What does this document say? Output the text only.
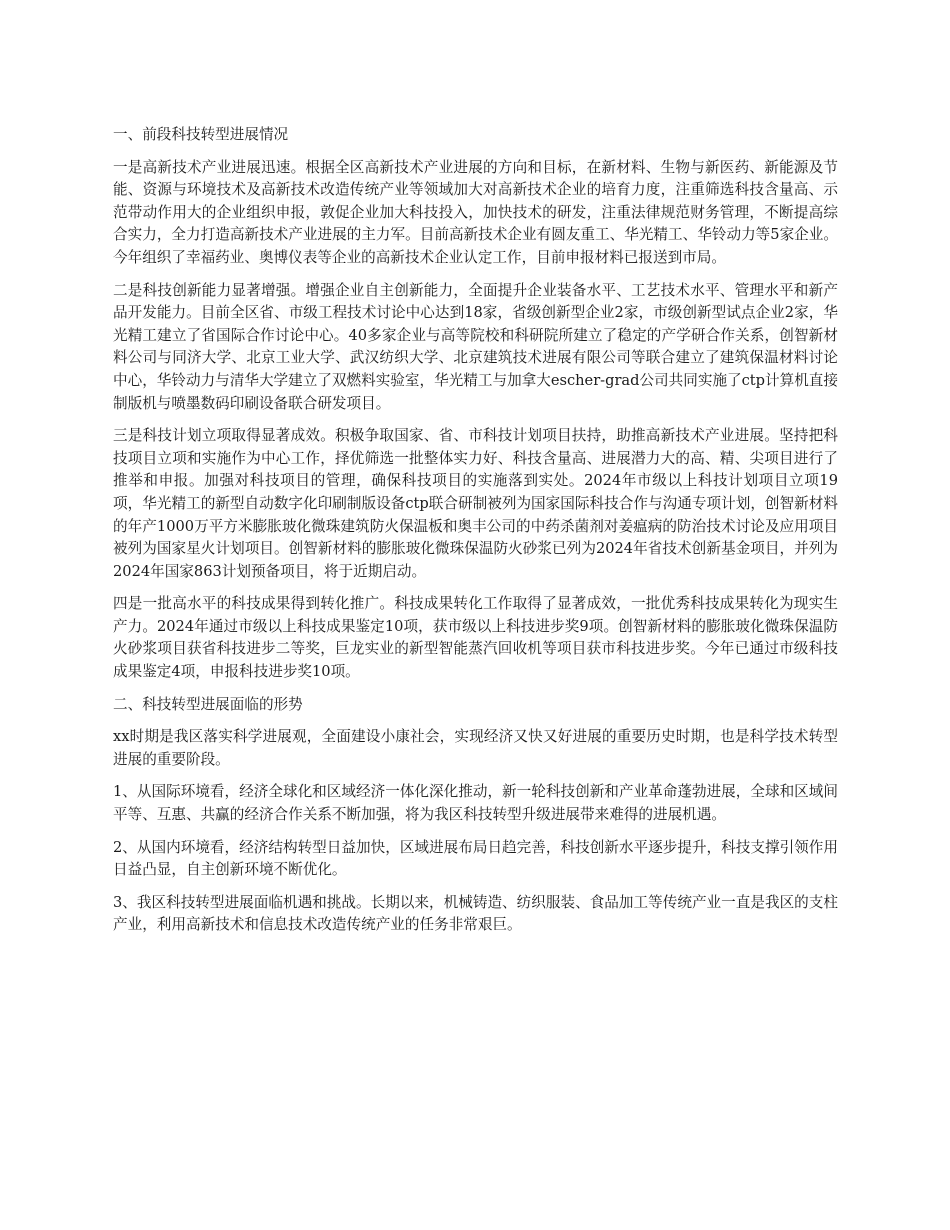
一、前段科技转型进展情况

一是高新技术产业进展迅速。根据全区高新技术产业进展的方向和目标，在新材料、生物与新医药、新能源及节能、资源与环境技术及高新技术改造传统产业等领域加大对高新技术企业的培育力度，注重筛选科技含量高、示范带动作用大的企业组织申报，敦促企业加大科技投入，加快技术的研发，注重法律规范财务管理，不断提高综合实力，全力打造高新技术产业进展的主力军。目前高新技术企业有圆友重工、华光精工、华铃动力等5家企业。今年组织了幸福药业、奥博仪表等企业的高新技术企业认定工作，目前申报材料已报送到市局。

二是科技创新能力显著增强。增强企业自主创新能力，全面提升企业装备水平、工艺技术水平、管理水平和新产品开发能力。目前全区省、市级工程技术讨论中心达到18家，省级创新型企业2家，市级创新型试点企业2家，华光精工建立了省国际合作讨论中心。40多家企业与高等院校和科研院所建立了稳定的产学研合作关系，创智新材料公司与同济大学、北京工业大学、武汉纺织大学、北京建筑技术进展有限公司等联合建立了建筑保温材料讨论中心，华铃动力与清华大学建立了双燃料实验室，华光精工与加拿大escher-grad公司共同实施了ctp计算机直接制版机与喷墨数码印刷设备联合研发项目。

三是科技计划立项取得显著成效。积极争取国家、省、市科技计划项目扶持，助推高新技术产业进展。坚持把科技项目立项和实施作为中心工作，择优筛选一批整体实力好、科技含量高、进展潜力大的高、精、尖项目进行了推举和申报。加强对科技项目的管理，确保科技项目的实施落到实处。2024年市级以上科技计划项目立项19项，华光精工的新型自动数字化印刷制版设备ctp联合研制被列为国家国际科技合作与沟通专项计划，创智新材料的年产1000万平方米膨胀玻化微珠建筑防火保温板和奥丰公司的中药杀菌剂对姜瘟病的防治技术讨论及应用项目被列为国家星火计划项目。创智新材料的膨胀玻化微珠保温防火砂浆已列为2024年省技术创新基金项目，并列为2024年国家863计划预备项目，将于近期启动。

四是一批高水平的科技成果得到转化推广。科技成果转化工作取得了显著成效，一批优秀科技成果转化为现实生产力。2024年通过市级以上科技成果鉴定10项，获市级以上科技进步奖9项。创智新材料的膨胀玻化微珠保温防火砂浆项目获省科技进步二等奖，巨龙实业的新型智能蒸汽回收机等项目获市科技进步奖。今年已通过市级科技成果鉴定4项，申报科技进步奖10项。

二、科技转型进展面临的形势

xx时期是我区落实科学进展观，全面建设小康社会，实现经济又快又好进展的重要历史时期，也是科学技术转型进展的重要阶段。

1、从国际环境看，经济全球化和区域经济一体化深化推动，新一轮科技创新和产业革命蓬勃进展，全球和区域间平等、互惠、共赢的经济合作关系不断加强，将为我区科技转型升级进展带来难得的进展机遇。

2、从国内环境看，经济结构转型日益加快，区域进展布局日趋完善，科技创新水平逐步提升，科技支撑引领作用日益凸显，自主创新环境不断优化。

3、我区科技转型进展面临机遇和挑战。长期以来，机械铸造、纺织服装、食品加工等传统产业一直是我区的支柱产业，利用高新技术和信息技术改造传统产业的任务非常艰巨。
